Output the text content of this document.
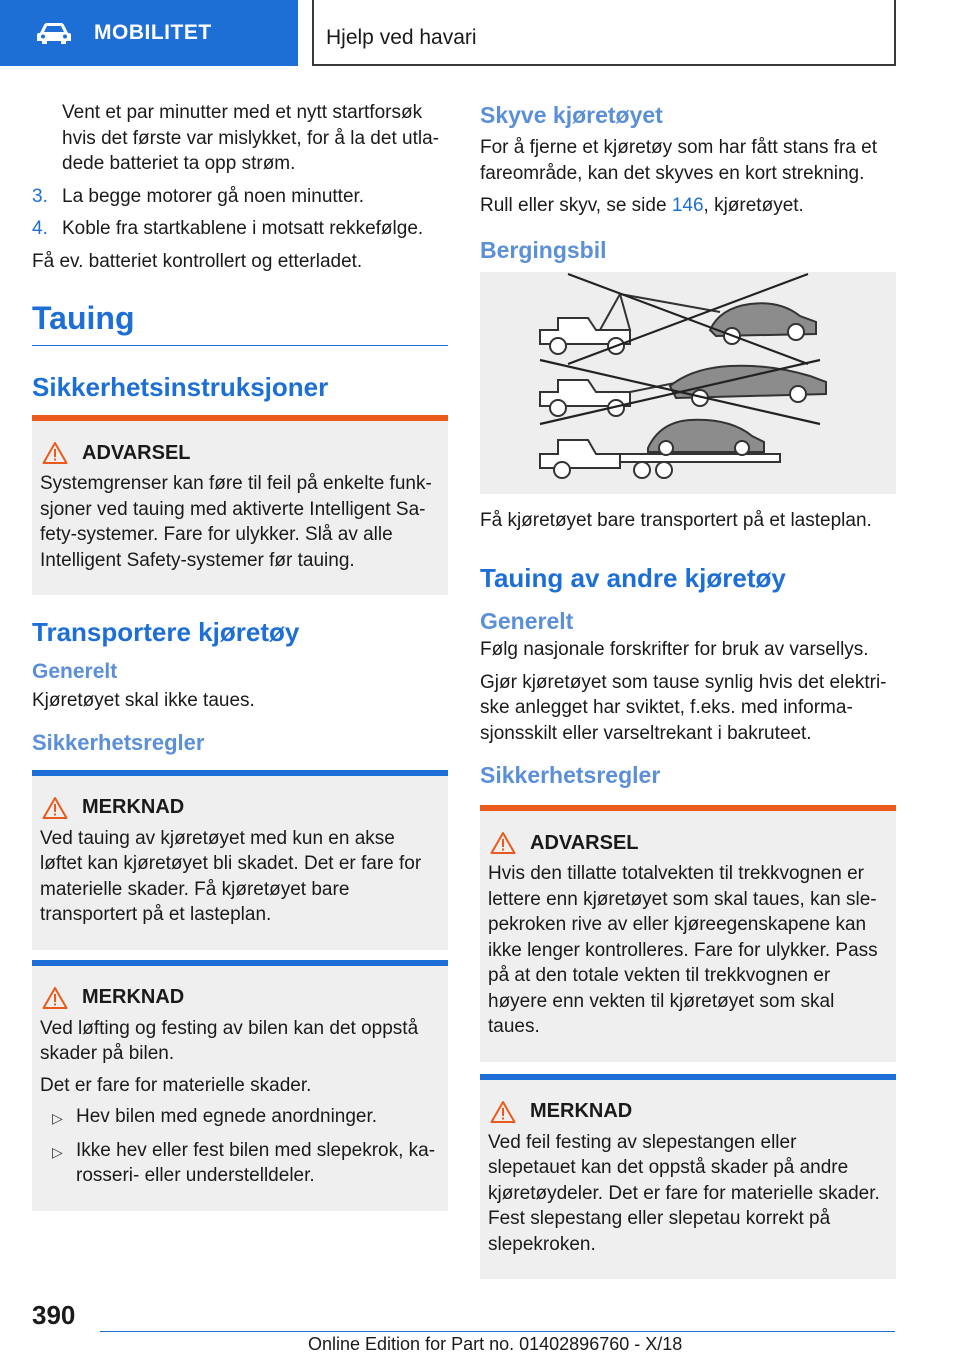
MOBILITET	Hjelp ved havari

Vent et par minutter med et nytt startforsøk hvis det første var mislykket, for å la det utladede batteriet ta opp strøm.

3. La begge motorer gå noen minutter.
4. Koble fra startkablene i motsatt rekkefølge.

Få ev. batteriet kontrollert og etterladet.

Tauing
Sikkerhetsinstruksjoner
ADVARSEL

Systemgrenser kan føre til feil på enkelte funksjoner ved tauing med aktiverte Intelligent Safety-systemer. Fare for ulykker. Slå av alle Intelligent Safety-systemer før tauing.

Transportere kjøretøy
Generelt

Kjøretøyet skal ikke taues.

Sikkerhetsregler
MERKNAD

Ved tauing av kjøretøyet med kun en akse løftet kan kjøretøyet bli skadet. Det er fare for materielle skader. Få kjøretøyet bare transportert på et lasteplan.

MERKNAD

Ved løfting og festing av bilen kan det oppstå skader på bilen.

Det er fare for materielle skader.

▷ Hev bilen med egnede anordninger.
▷ Ikke hev eller fest bilen med slepekrok, karosseri- eller understelldeler.
Skyve kjøretøyet

For å fjerne et kjøretøy som har fått stans fra et fareområde, kan det skyves en kort strekning.

Rull eller skyv, se side 146, kjøretøyet.

Bergingsbil

Få kjøretøyet bare transportert på et lasteplan.

Tauing av andre kjøretøy
Generelt

Følg nasjonale forskrifter for bruk av varsellys.

Gjør kjøretøyet som tause synlig hvis det elektriske anlegget har sviktet, f.eks. med informasjonsskilt eller varseltrekant i bakruteet.

Sikkerhetsregler
ADVARSEL

Hvis den tillatte totalvekten til trekkvognen er lettere enn kjøretøyet som skal taues, kan slepekroken rive av eller kjøreegenskapene kan ikke lenger kontrolleres. Fare for ulykker. Pass på at den totale vekten til trekkvognen er høyere enn vekten til kjøretøyet som skal taues.

MERKNAD

Ved feil festing av slepestangen eller slepetauet kan det oppstå skader på andre kjøretøydeler. Det er fare for materielle skader. Fest slepestang eller slepetau korrekt på slepekroken.

390
Online Edition for Part no. 01402896760 - X/18
